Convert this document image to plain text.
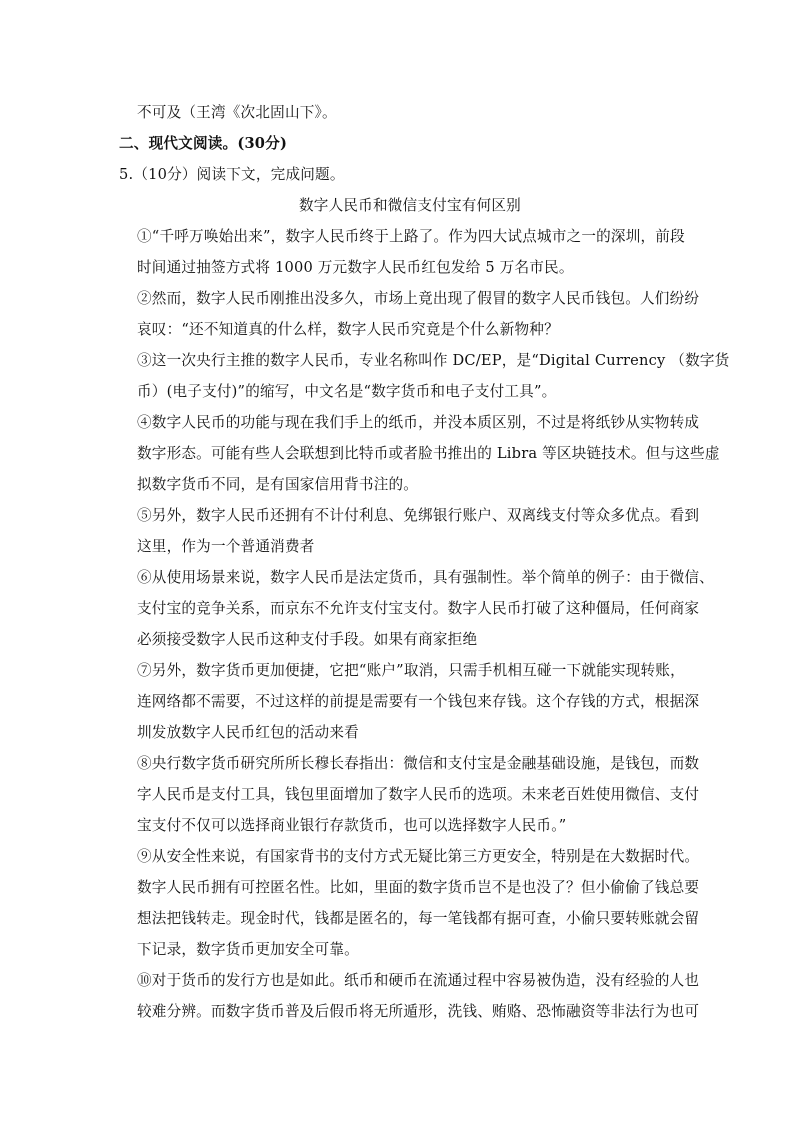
不可及（王湾《次北固山下》。
二、现代文阅读。(30分)
5.（10分）阅读下文，完成问题。
数字人民币和微信支付宝有何区别
①“千呼万唤始出来”，数字人民币终于上路了。作为四大试点城市之一的深圳，前段
时间通过抽签方式将 1000 万元数字人民币红包发给 5 万名市民。
②然而，数字人民币刚推出没多久，市场上竟出现了假冒的数字人民币钱包。人们纷纷
哀叹：“还不知道真的什么样，数字人民币究竟是个什么新物种？
③这一次央行主推的数字人民币，专业名称叫作 DC/EP，是“Digital Currency （数字货
币）(电子支付)”的缩写，中文名是“数字货币和电子支付工具”。
④数字人民币的功能与现在我们手上的纸币，并没本质区别，不过是将纸钞从实物转成
数字形态。可能有些人会联想到比特币或者脸书推出的 Libra 等区块链技术。但与这些虚
拟数字货币不同，是有国家信用背书注的。
⑤另外，数字人民币还拥有不计付利息、免绑银行账户、双离线支付等众多优点。看到
这里，作为一个普通消费者
⑥从使用场景来说，数字人民币是法定货币，具有强制性。举个简单的例子：由于微信、
支付宝的竞争关系，而京东不允许支付宝支付。数字人民币打破了这种僵局，任何商家
必须接受数字人民币这种支付手段。如果有商家拒绝
⑦另外，数字货币更加便捷，它把“账户”取消，只需手机相互碰一下就能实现转账，
连网络都不需要，不过这样的前提是需要有一个钱包来存钱。这个存钱的方式，根据深
圳发放数字人民币红包的活动来看
⑧央行数字货币研究所所长穆长春指出：微信和支付宝是金融基础设施，是钱包，而数
字人民币是支付工具，钱包里面增加了数字人民币的选项。未来老百姓使用微信、支付
宝支付不仅可以选择商业银行存款货币，也可以选择数字人民币。”
⑨从安全性来说，有国家背书的支付方式无疑比第三方更安全，特别是在大数据时代。
数字人民币拥有可控匿名性。比如，里面的数字货币岂不是也没了？但小偷偷了钱总要
想法把钱转走。现金时代，钱都是匿名的，每一笔钱都有据可查，小偷只要转账就会留
下记录，数字货币更加安全可靠。
⑩对于货币的发行方也是如此。纸币和硬币在流通过程中容易被伪造，没有经验的人也
较难分辨。而数字货币普及后假币将无所遁形，洗钱、贿赂、恐怖融资等非法行为也可
